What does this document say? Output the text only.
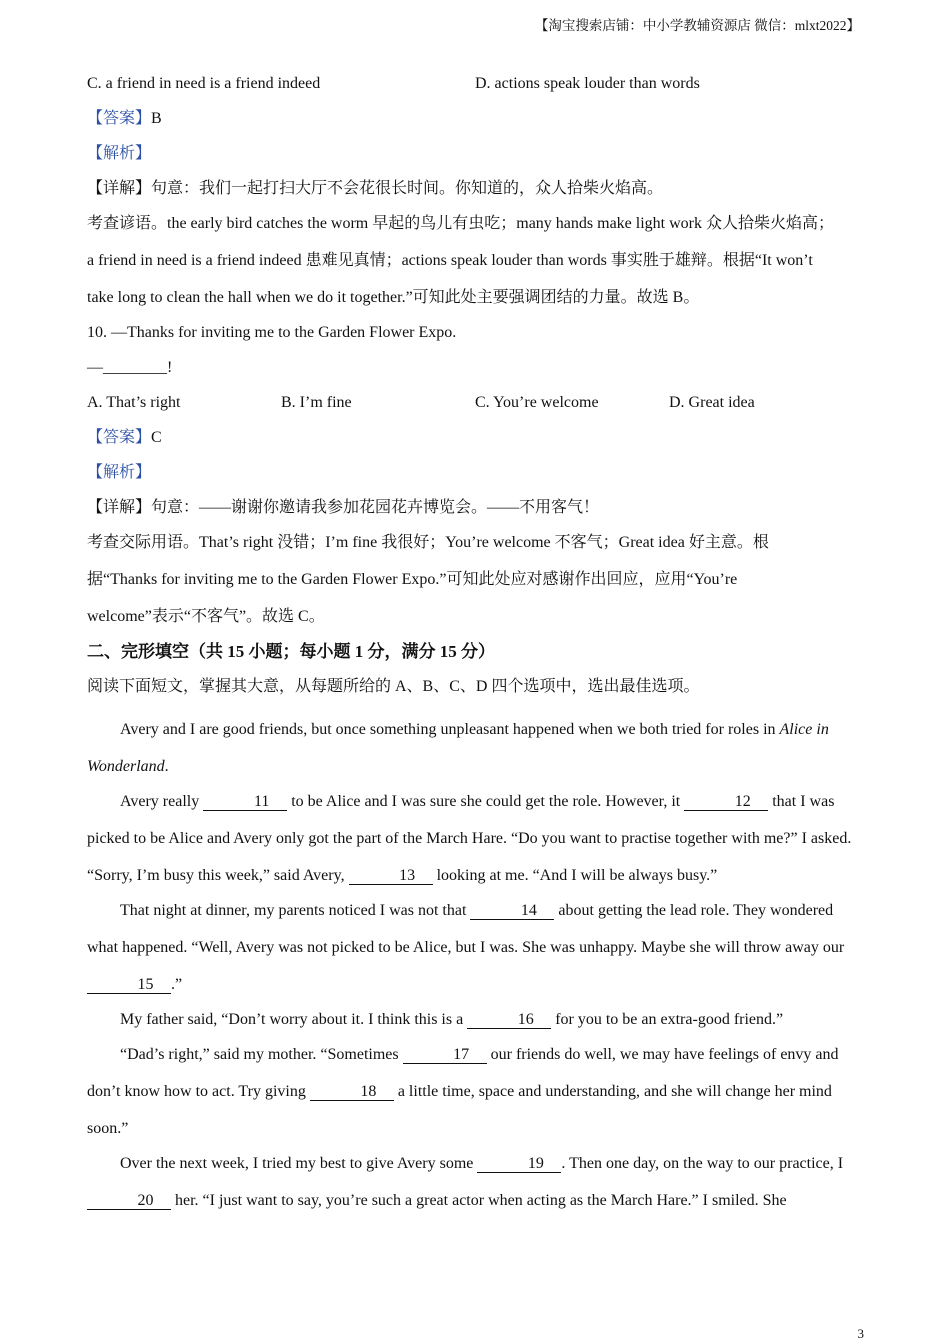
【淘宝搜索店铺：中小学教辅资源店 微信：mlxt2022】
C. a friend in need is a friend indeed	D. actions speak louder than words
【答案】B
【解析】
【详解】句意：我们一起打扫大厅不会花很长时间。你知道的，众人拾柴火焰高。
考查谚语。the early bird catches the worm 早起的鸟儿有虫吃；many hands make light work 众人拾柴火焰高；
a friend in need is a friend indeed 患难见真情；actions speak louder than words 事实胜于雄辩。根据“It won’t
take long to clean the hall when we do it together.”可知此处主要强调团结的力量。故选 B。
10. —Thanks for inviting me to the Garden Flower Expo.
—________!
A. That’s right	B. I’m fine	C. You’re welcome	D. Great idea
【答案】C
【解析】
【详解】句意：——谢谢你邀请我参加花园花卉博览会。——不用客气！
考查交际用语。That’s right 没错；I’m fine 我很好；You’re welcome 不客气；Great idea 好主意。根
据“Thanks for inviting me to the Garden Flower Expo.”可知此处应对感谢作出回应，应用“You’re
welcome”表示“不客气”。故选 C。
二、完形填空（共 15 小题；每小题 1 分，满分 15 分）
阅读下面短文，掌握其大意，从每题所给的 A、B、C、D 四个选项中，选出最佳选项。
Avery and I are good friends, but once something unpleasant happened when we both tried for roles in Alice in Wonderland.
Avery really	11 to be Alice and I was sure she could get the role. However, it	12 that I was picked to be Alice and Avery only got the part of the March Hare. “Do you want to practise together with me?” I asked. “Sorry, I’m busy this week,” said Avery,	13 looking at me. “And I will be always busy.”
That night at dinner, my parents noticed I was not that	14 about getting the lead role. They wondered what happened. “Well, Avery was not picked to be Alice, but I was. She was unhappy. Maybe she will throw away our 15 .”
My father said, “Don’t worry about it. I think this is a	16 for you to be an extra-good friend.”
“Dad’s right,” said my mother. “Sometimes	17 our friends do well, we may have feelings of envy and don’t know how to act. Try giving	18 a little time, space and understanding, and she will change her mind soon.”
Over the next week, I tried my best to give Avery some	19 . Then one day, on the way to our practice, I 20 her. “I just want to say, you’re such a great actor when acting as the March Hare.” I smiled. She
3
